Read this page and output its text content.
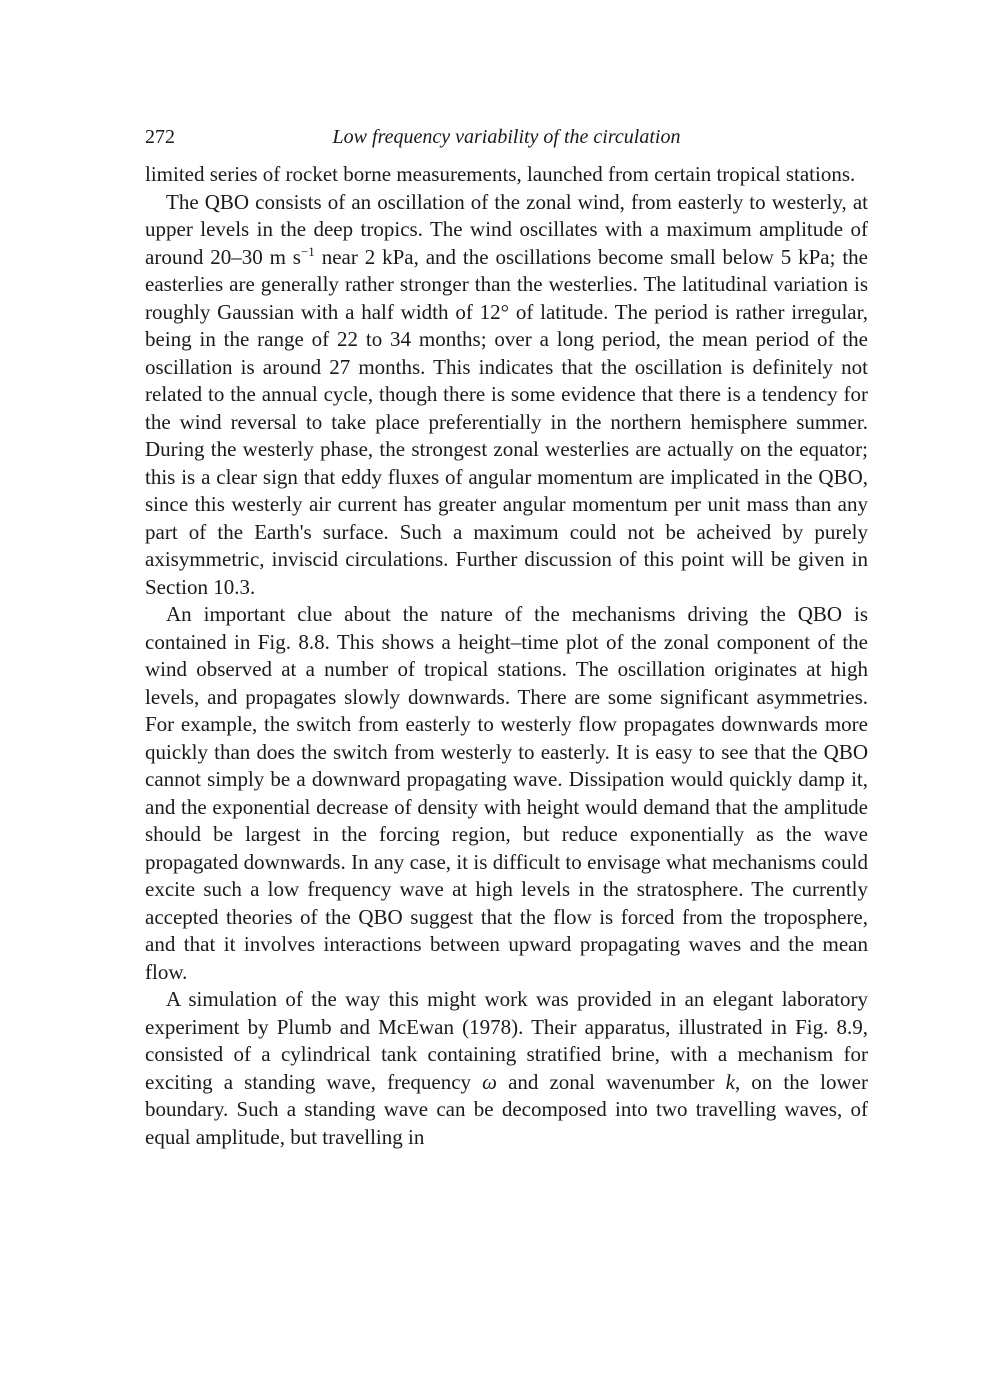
272	Low frequency variability of the circulation

limited series of rocket borne measurements, launched from certain tropical stations.

The QBO consists of an oscillation of the zonal wind, from easterly to westerly, at upper levels in the deep tropics. The wind oscillates with a maximum amplitude of around 20–30 m $s^{-1}$ near 2 kPa, and the oscillations become small below 5 kPa; the easterlies are generally rather stronger than the westerlies. The latitudinal variation is roughly Gaussian with a half width of 12° of latitude. The period is rather irregular, being in the range of 22 to 34 months; over a long period, the mean period of the oscillation is around 27 months. This indicates that the oscillation is definitely not related to the annual cycle, though there is some evidence that there is a tendency for the wind reversal to take place preferentially in the northern hemisphere summer. During the westerly phase, the strongest zonal westerlies are actually on the equator; this is a clear sign that eddy fluxes of angular momentum are implicated in the QBO, since this westerly air current has greater angular momentum per unit mass than any part of the Earth's surface. Such a maximum could not be acheived by purely axisymmetric, inviscid circulations. Further discussion of this point will be given in Section 10.3.

An important clue about the nature of the mechanisms driving the QBO is contained in Fig. 8.8. This shows a height–time plot of the zonal component of the wind observed at a number of tropical stations. The oscillation originates at high levels, and propagates slowly downwards. There are some significant asymmetries. For example, the switch from easterly to westerly flow propagates downwards more quickly than does the switch from westerly to easterly. It is easy to see that the QBO cannot simply be a downward propagating wave. Dissipation would quickly damp it, and the exponential decrease of density with height would demand that the amplitude should be largest in the forcing region, but reduce exponentially as the wave propagated downwards. In any case, it is difficult to envisage what mechanisms could excite such a low frequency wave at high levels in the stratosphere. The currently accepted theories of the QBO suggest that the flow is forced from the troposphere, and that it involves interactions between upward propagating waves and the mean flow.

A simulation of the way this might work was provided in an elegant laboratory experiment by Plumb and McEwan (1978). Their apparatus, illustrated in Fig. 8.9, consisted of a cylindrical tank containing stratified brine, with a mechanism for exciting a standing wave, frequency ω and zonal wavenumber k, on the lower boundary. Such a standing wave can be decomposed into two travelling waves, of equal amplitude, but travelling in
